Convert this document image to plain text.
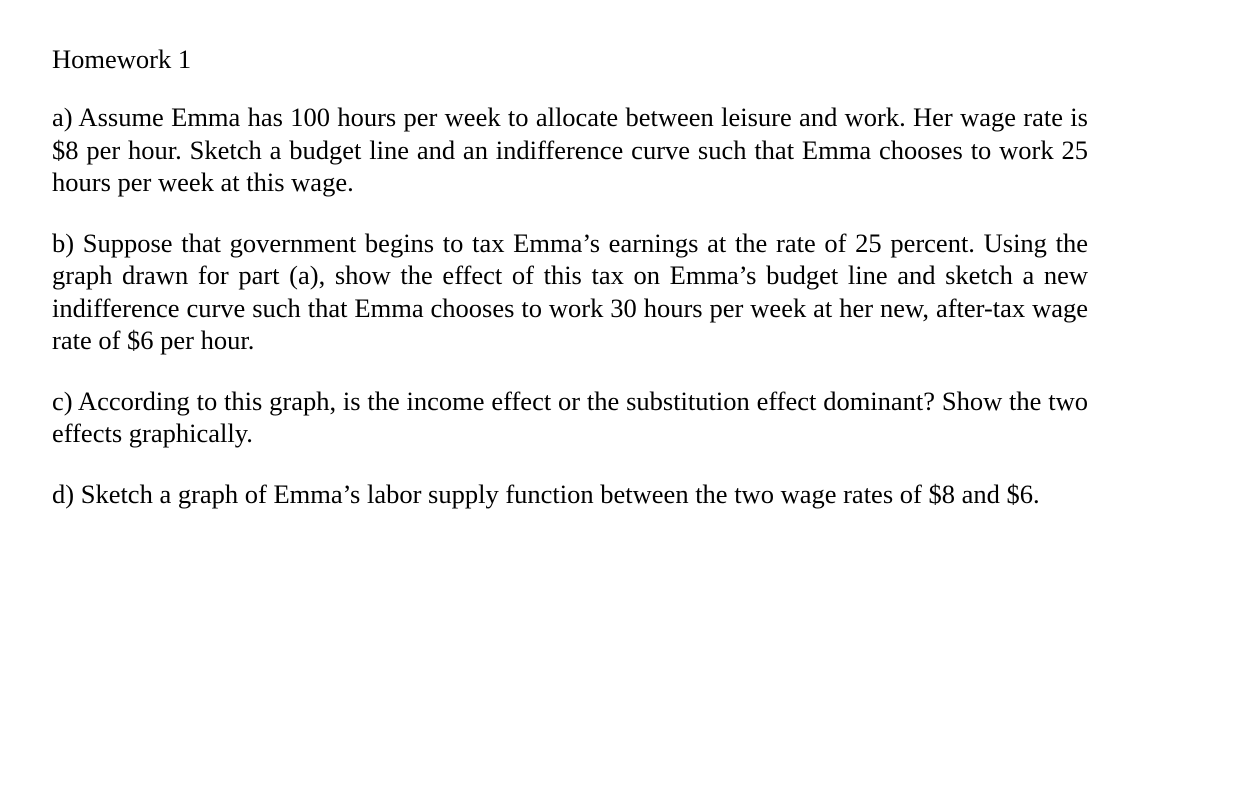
Homework 1

a) Assume Emma has 100 hours per week to allocate between leisure and work. Her wage rate is $8 per hour. Sketch a budget line and an indifference curve such that Emma chooses to work 25 hours per week at this wage.

b) Suppose that government begins to tax Emma’s earnings at the rate of 25 percent. Using the graph drawn for part (a), show the effect of this tax on Emma’s budget line and sketch a new indifference curve such that Emma chooses to work 30 hours per week at her new, after-tax wage rate of $6 per hour.

c) According to this graph, is the income effect or the substitution effect dominant? Show the two effects graphically.

d) Sketch a graph of Emma’s labor supply function between the two wage rates of $8 and $6.
